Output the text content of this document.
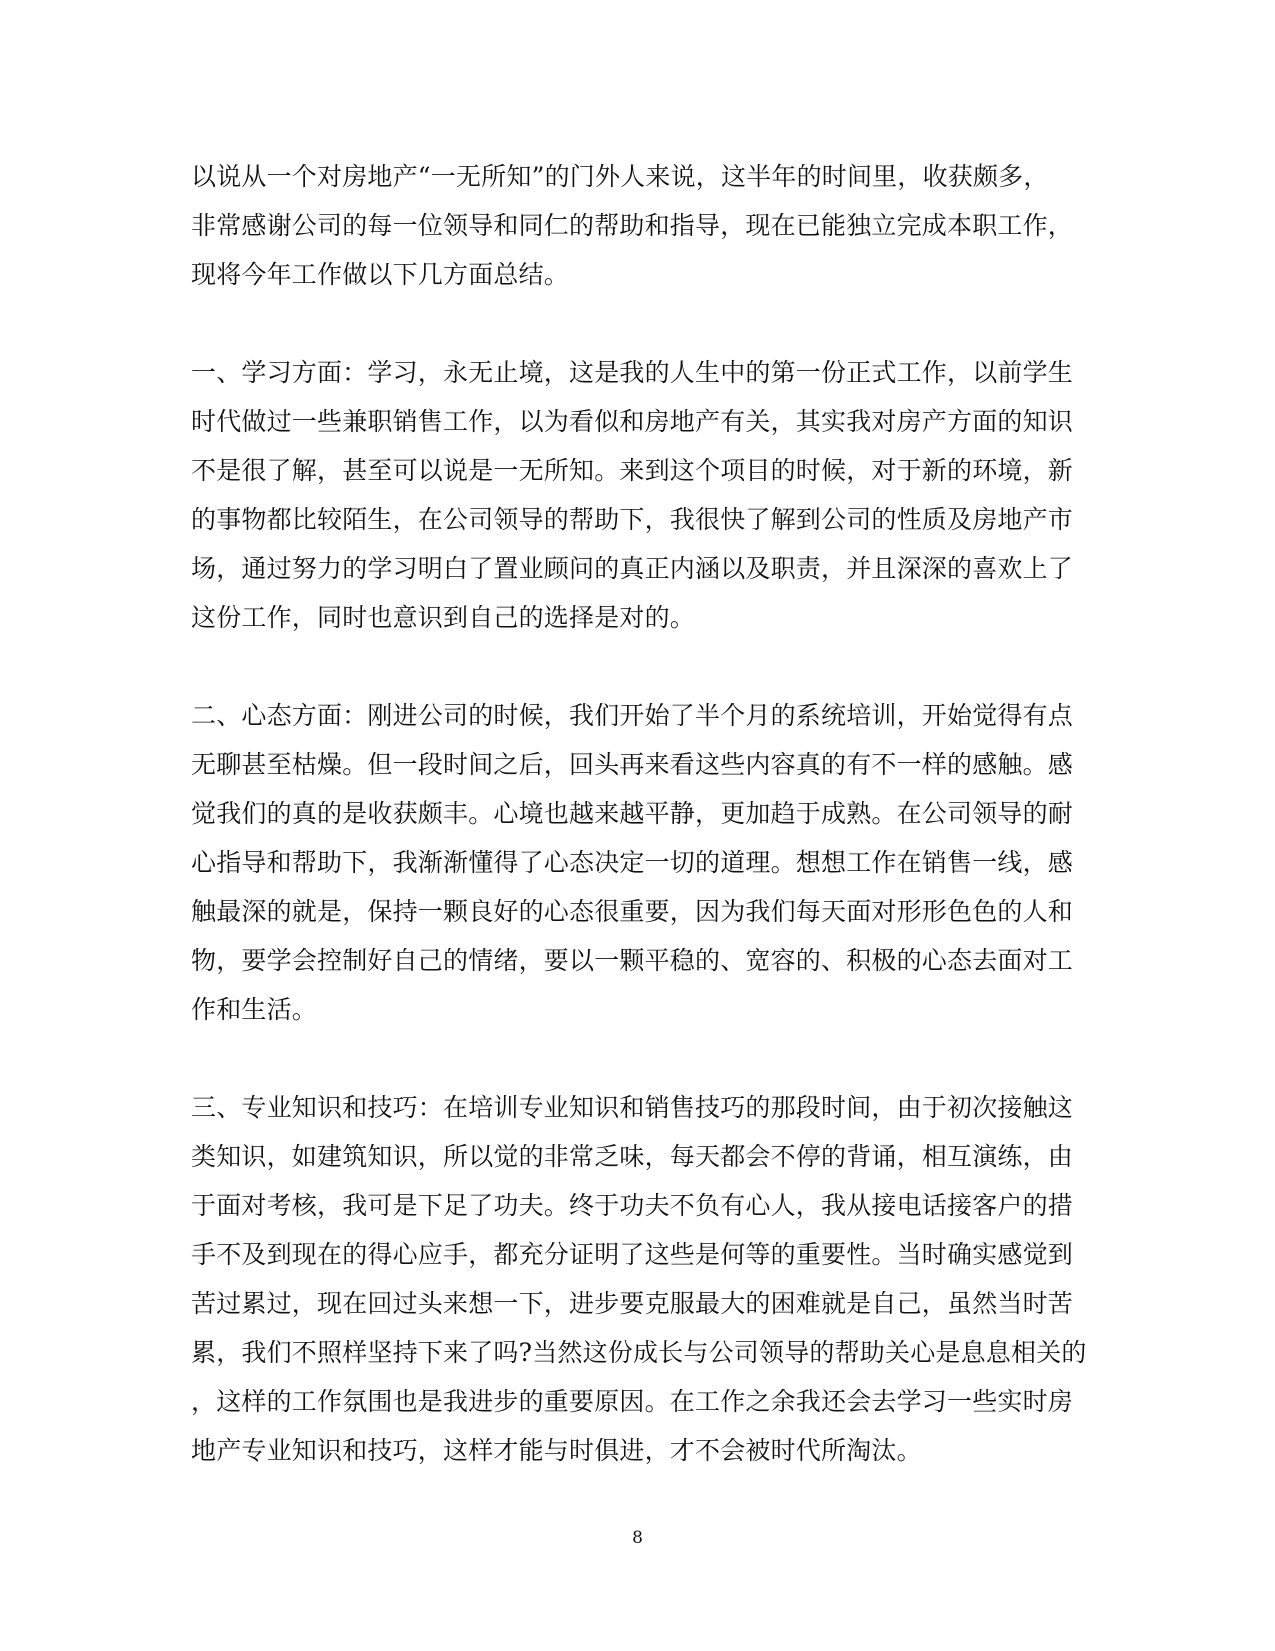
以说从一个对房地产“一无所知”的门外人来说，这半年的时间里，收获颇多，
非常感谢公司的每一位领导和同仁的帮助和指导，现在已能独立完成本职工作，
现将今年工作做以下几方面总结。
一、学习方面：学习，永无止境，这是我的人生中的第一份正式工作，以前学生
时代做过一些兼职销售工作，以为看似和房地产有关，其实我对房产方面的知识
不是很了解，甚至可以说是一无所知。来到这个项目的时候，对于新的环境，新
的事物都比较陌生，在公司领导的帮助下，我很快了解到公司的性质及房地产市
场，通过努力的学习明白了置业顾问的真正内涵以及职责，并且深深的喜欢上了
这份工作，同时也意识到自己的选择是对的。
二、心态方面：刚进公司的时候，我们开始了半个月的系统培训，开始觉得有点
无聊甚至枯燥。但一段时间之后，回头再来看这些内容真的有不一样的感触。感
觉我们的真的是收获颇丰。心境也越来越平静，更加趋于成熟。在公司领导的耐
心指导和帮助下，我渐渐懂得了心态决定一切的道理。想想工作在销售一线，感
触最深的就是，保持一颗良好的心态很重要，因为我们每天面对形形色色的人和
物，要学会控制好自己的情绪，要以一颗平稳的、宽容的、积极的心态去面对工
作和生活。
三、专业知识和技巧：在培训专业知识和销售技巧的那段时间，由于初次接触这
类知识，如建筑知识，所以觉的非常乏味，每天都会不停的背诵，相互演练，由
于面对考核，我可是下足了功夫。终于功夫不负有心人，我从接电话接客户的措
手不及到现在的得心应手，都充分证明了这些是何等的重要性。当时确实感觉到
苦过累过，现在回过头来想一下，进步要克服最大的困难就是自己，虽然当时苦
累，我们不照样坚持下来了吗?当然这份成长与公司领导的帮助关心是息息相关的
，这样的工作氛围也是我进步的重要原因。在工作之余我还会去学习一些实时房
地产专业知识和技巧，这样才能与时俱进，才不会被时代所淘汰。
8
